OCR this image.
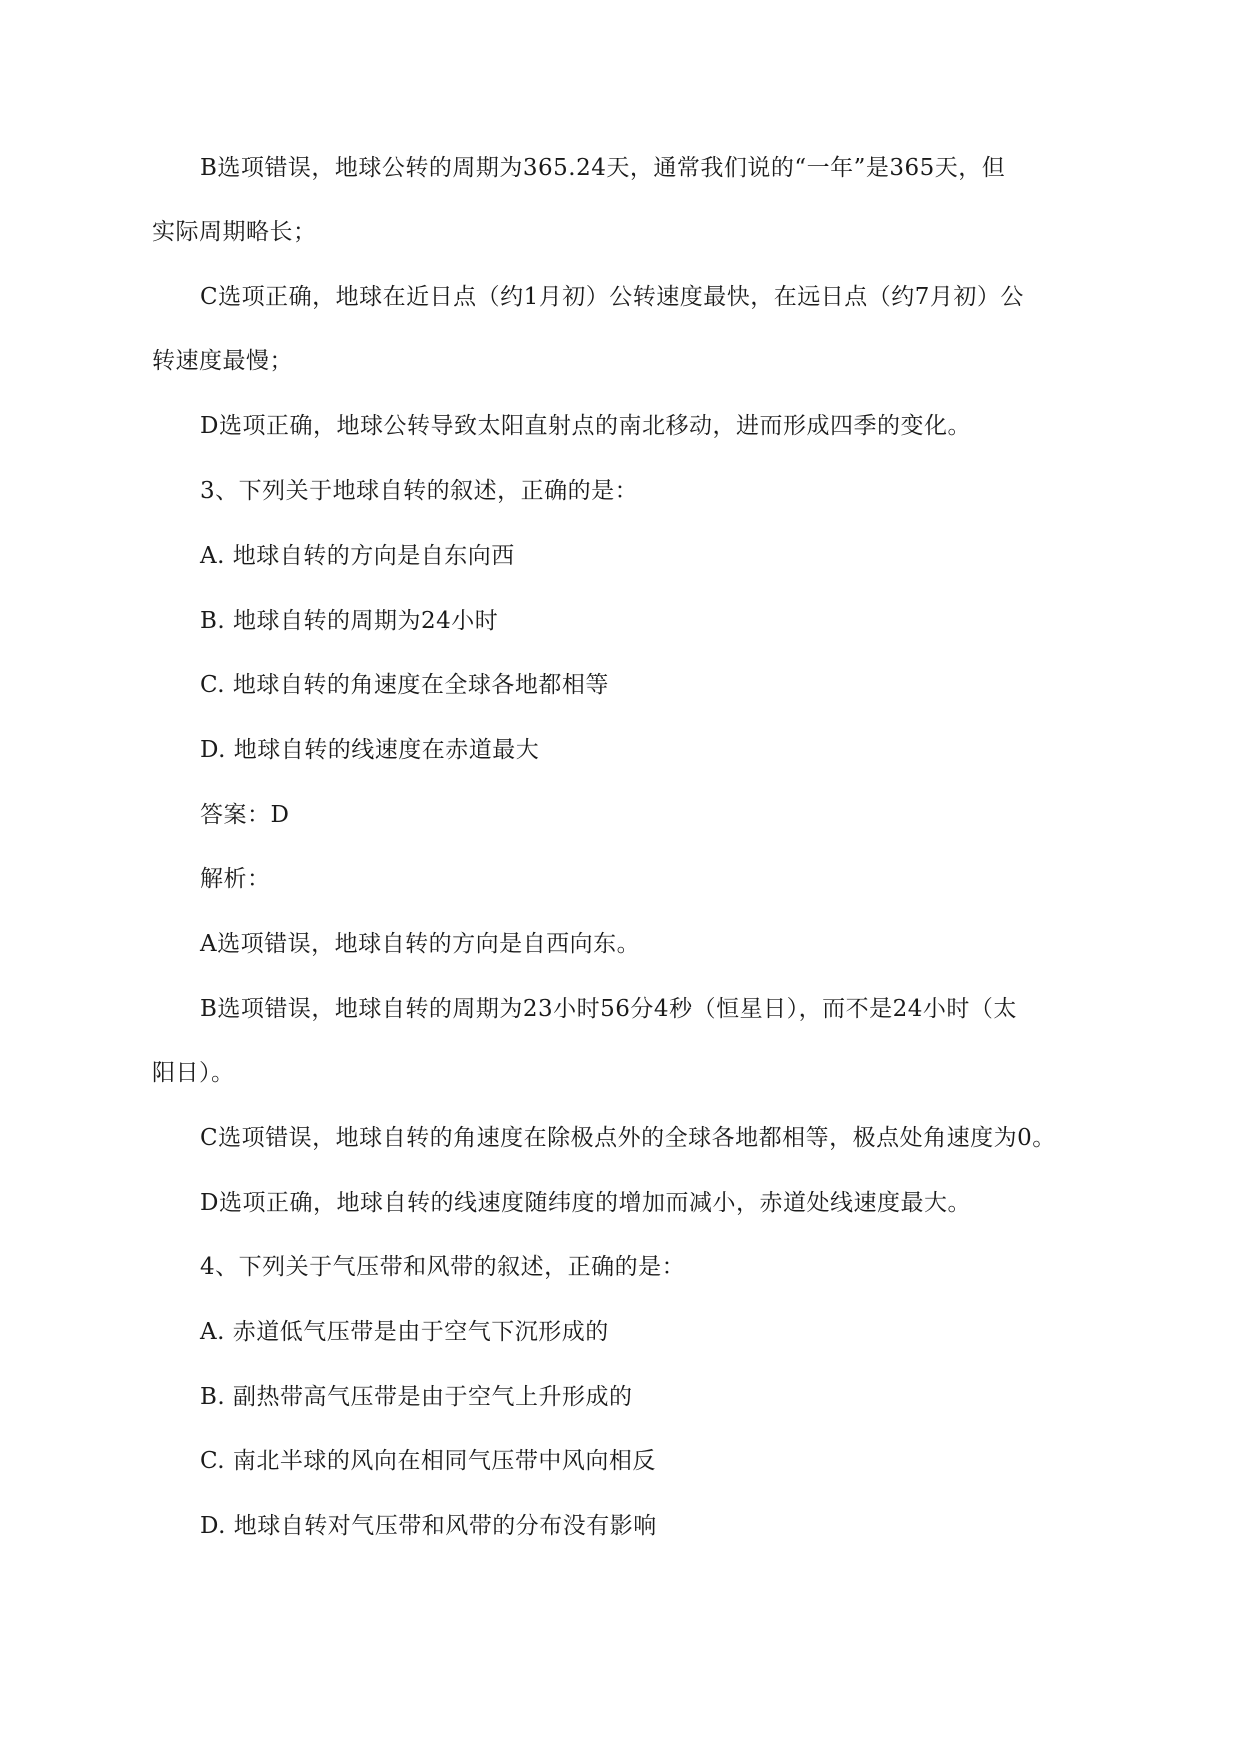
B选项错误，地球公转的周期为365.24天，通常我们说的“一年”是365天，但
实际周期略长；
C选项正确，地球在近日点（约1月初）公转速度最快，在远日点（约7月初）公
转速度最慢；
D选项正确，地球公转导致太阳直射点的南北移动，进而形成四季的变化。
3、下列关于地球自转的叙述，正确的是：
A. 地球自转的方向是自东向西
B. 地球自转的周期为24小时
C. 地球自转的角速度在全球各地都相等
D. 地球自转的线速度在赤道最大
答案：D
解析：
A选项错误，地球自转的方向是自西向东。
B选项错误，地球自转的周期为23小时56分4秒（恒星日），而不是24小时（太
阳日）。
C选项错误，地球自转的角速度在除极点外的全球各地都相等，极点处角速度为0。
D选项正确，地球自转的线速度随纬度的增加而减小，赤道处线速度最大。
4、下列关于气压带和风带的叙述，正确的是：
A. 赤道低气压带是由于空气下沉形成的
B. 副热带高气压带是由于空气上升形成的
C. 南北半球的风向在相同气压带中风向相反
D. 地球自转对气压带和风带的分布没有影响
